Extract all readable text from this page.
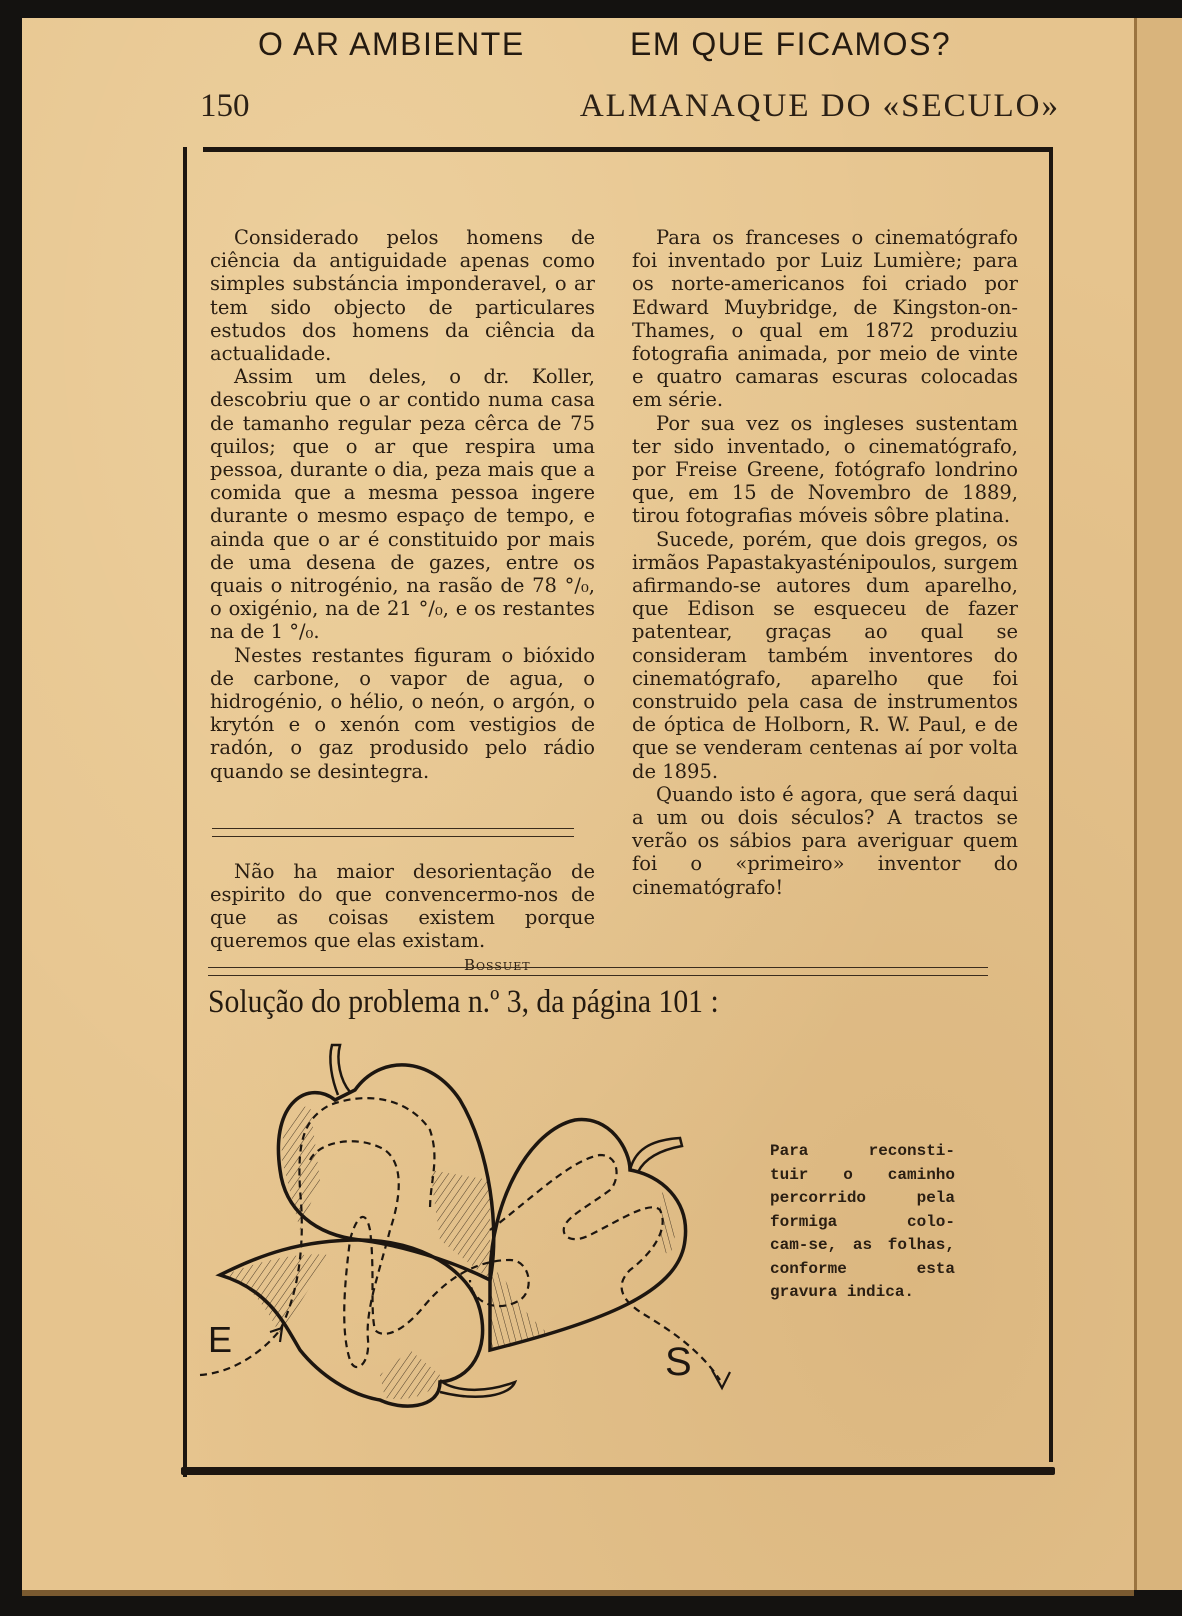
150	ALMANAQUE DO «SECULO»
O AR AMBIENTE	EM QUE FICAMOS?

Considerado pelos homens de ciência da antiguidade apenas como simples substáncia imponderavel, o ar tem sido objecto de particulares estudos dos homens da ciência da actualidade.

Assim um deles, o dr. Koller, descobriu que o ar contido numa casa de tamanho regular peza cêrca de 75 quilos; que o ar que respira uma pessoa, durante o dia, peza mais que a comida que a mesma pessoa ingere durante o mesmo espaço de tempo, e ainda que o ar é constituido por mais de uma desena de gazes, entre os quais o nitrogénio, na rasão de 78 °/₀, o oxigénio, na de 21 °/₀, e os restantes na de 1 °/₀.

Nestes restantes figuram o bióxido de carbone, o vapor de agua, o hidrogénio, o hélio, o neón, o argón, o krytón e o xenón com vestigios de radón, o gaz produsido pelo rádio quando se desintegra.

Não ha maior desorientação de espirito do que convencermo-nos de que as coisas existem porque queremos que elas existam.

Bossuet

Para os franceses o cinematógrafo foi inventado por Luiz Lumière; para os norte-americanos foi criado por Edward Muybridge, de Kingston-on-Thames, o qual em 1872 produziu fotografia animada, por meio de vinte e quatro camaras escuras colocadas em série.

Por sua vez os ingleses sustentam ter sido inventado, o cinematógrafo, por Freise Greene, fotógrafo londrino que, em 15 de Novembro de 1889, tirou fotografias móveis sôbre platina.

Sucede, porém, que dois gregos, os irmãos Papastakyasténipoulos, surgem afirmando-se autores dum aparelho, que Edison se esqueceu de fazer patentear, graças ao qual se consideram também inventores do cinematógrafo, aparelho que foi construido pela casa de instrumentos de óptica de Holborn, R. W. Paul, e de que se venderam centenas aí por volta de 1895.

Quando isto é agora, que será daqui a um ou dois séculos? A tractos se verão os sábios para averiguar quem foi o «primeiro» inventor do cinematógrafo!

Solução do problema n.º 3, da página 101 :
E
S
Para reconsti-
tuir o caminho
percorrido pela
formiga colo-
cam-se, as folhas,
conforme esta
gravura indica.
